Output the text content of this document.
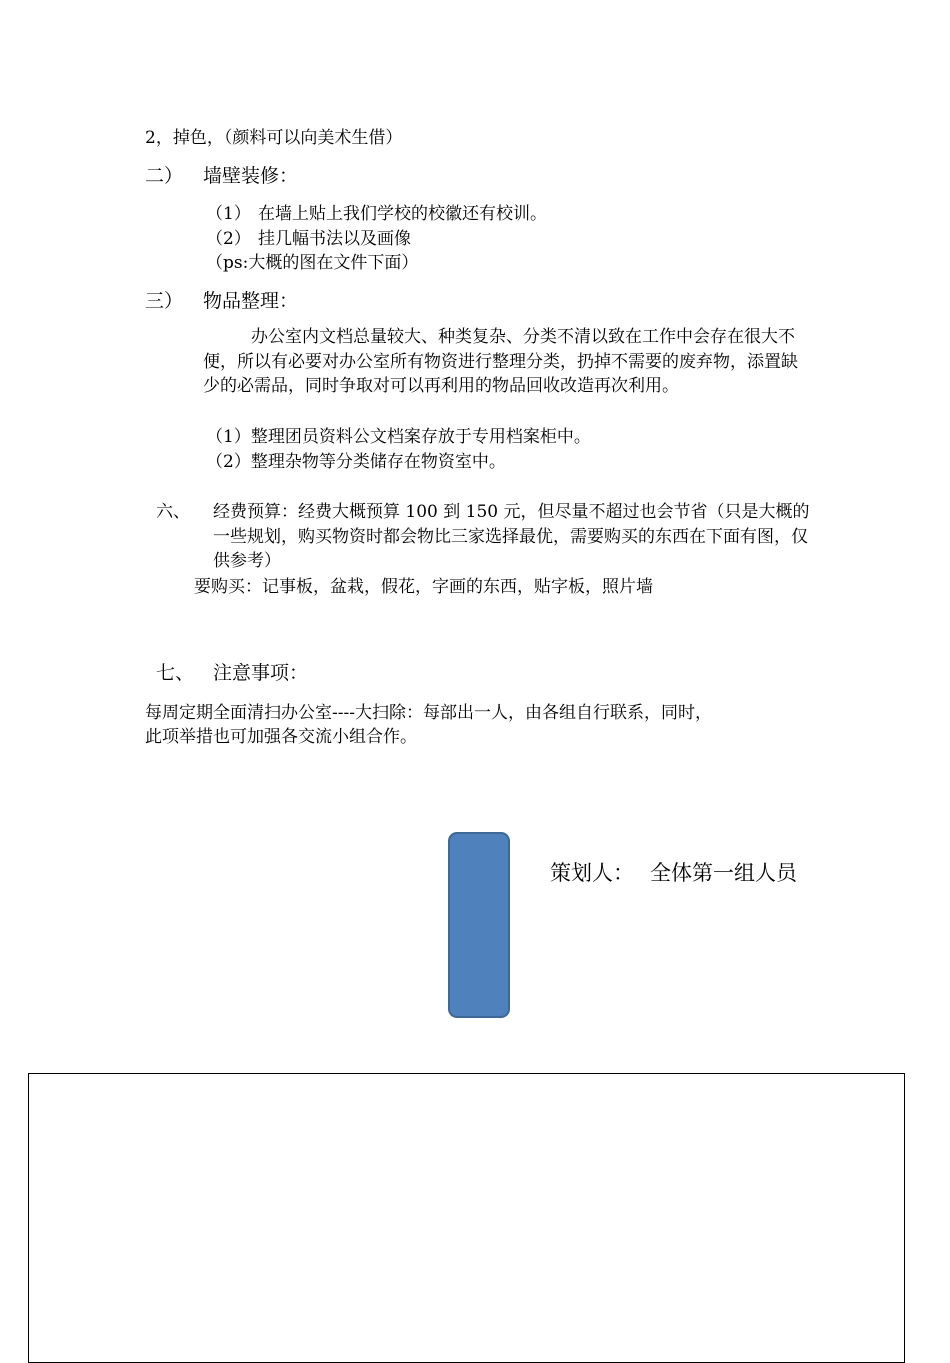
2，掉色，（颜料可以向美术生借）

二） 墙壁装修：
（1） 在墙上贴上我们学校的校徽还有校训。
（2） 挂几幅书法以及画像
（ps:大概的图在文件下面）
三） 物品整理：

办公室内文档总量较大、种类复杂、分类不清以致在工作中会存在很大不便，所以有必要对办公室所有物资进行整理分类，扔掉不需要的废弃物，添置缺少的必需品，同时争取对可以再利用的物品回收改造再次利用。

（1）整理团员资料公文档案存放于专用档案柜中。
（2）整理杂物等分类储存在物资室中。
六、 经费预算：经费大概预算 100 到 150 元，但尽量不超过也会节省（只是大概的一些规划，购买物资时都会物比三家选择最优，需要购买的东西在下面有图，仅供参考）

要购买：记事板，盆栽，假花，字画的东西，贴字板，照片墙
七、 注意事项：
每周定期全面清扫办公室----大扫除：每部出一人，由各组自行联系，同时，
此项举措也可加强各交流小组合作。
策划人： 全体第一组人员
